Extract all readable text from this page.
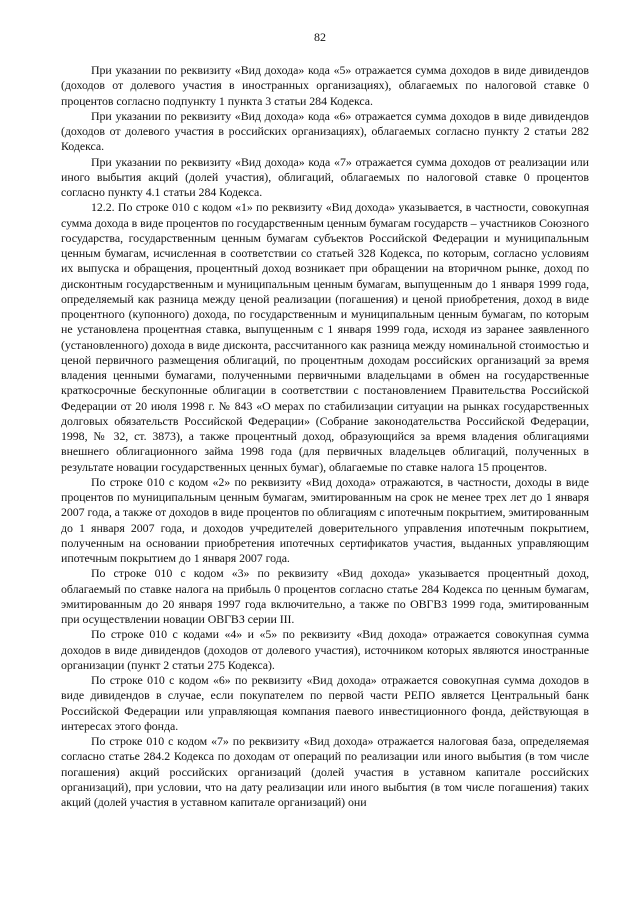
82

При указании по реквизиту «Вид дохода» кода «5» отражается сумма доходов в виде дивидендов (доходов от долевого участия в иностранных организациях), облагаемых по налоговой ставке 0 процентов согласно подпункту 1 пункта 3 статьи 284 Кодекса.

При указании по реквизиту «Вид дохода» кода «6» отражается сумма доходов в виде дивидендов (доходов от долевого участия в российских организациях), облагаемых согласно пункту 2 статьи 282 Кодекса.

При указании по реквизиту «Вид дохода» кода «7» отражается сумма доходов от реализации или иного выбытия акций (долей участия), облигаций, облагаемых по налоговой ставке 0 процентов согласно пункту 4.1 статьи 284 Кодекса.

12.2. По строке 010 с кодом «1» по реквизиту «Вид дохода» указывается, в частности, совокупная сумма дохода в виде процентов по государственным ценным бумагам государств – участников Союзного государства, государственным ценным бумагам субъектов Российской Федерации и муниципальным ценным бумагам, исчисленная в соответствии со статьей 328 Кодекса, по которым, согласно условиям их выпуска и обращения, процентный доход возникает при обращении на вторичном рынке, доход по дисконтным государственным и муниципальным ценным бумагам, выпущенным до 1 января 1999 года, определяемый как разница между ценой реализации (погашения) и ценой приобретения, доход в виде процентного (купонного) дохода, по государственным и муниципальным ценным бумагам, по которым не установлена процентная ставка, выпущенным с 1 января 1999 года, исходя из заранее заявленного (установленного) дохода в виде дисконта, рассчитанного как разница между номинальной стоимостью и ценой первичного размещения облигаций, по процентным доходам российских организаций за время владения ценными бумагами, полученными первичными владельцами в обмен на государственные краткосрочные бескупонные облигации в соответствии с постановлением Правительства Российской Федерации от 20 июля 1998 г. № 843 «О мерах по стабилизации ситуации на рынках государственных долговых обязательств Российской Федерации» (Собрание законодательства Российской Федерации, 1998, № 32, ст. 3873), а также процентный доход, образующийся за время владения облигациями внешнего облигационного займа 1998 года (для первичных владельцев облигаций, полученных в результате новации государственных ценных бумаг), облагаемые по ставке налога 15 процентов.

По строке 010 с кодом «2» по реквизиту «Вид дохода» отражаются, в частности, доходы в виде процентов по муниципальным ценным бумагам, эмитированным на срок не менее трех лет до 1 января 2007 года, а также от доходов в виде процентов по облигациям с ипотечным покрытием, эмитированным до 1 января 2007 года, и доходов учредителей доверительного управления ипотечным покрытием, полученным на основании приобретения ипотечных сертификатов участия, выданных управляющим ипотечным покрытием до 1 января 2007 года.

По строке 010 с кодом «3» по реквизиту «Вид дохода» указывается процентный доход, облагаемый по ставке налога на прибыль 0 процентов согласно статье 284 Кодекса по ценным бумагам, эмитированным до 20 января 1997 года включительно, а также по ОВГВЗ 1999 года, эмитированным при осуществлении новации ОВГВЗ серии III.

По строке 010 с кодами «4» и «5» по реквизиту «Вид дохода» отражается совокупная сумма доходов в виде дивидендов (доходов от долевого участия), источником которых являются иностранные организации (пункт 2 статьи 275 Кодекса).

По строке 010 с кодом «6» по реквизиту «Вид дохода» отражается совокупная сумма доходов в виде дивидендов в случае, если покупателем по первой части РЕПО является Центральный банк Российской Федерации или управляющая компания паевого инвестиционного фонда, действующая в интересах этого фонда.

По строке 010 с кодом «7» по реквизиту «Вид дохода» отражается налоговая база, определяемая согласно статье 284.2 Кодекса по доходам от операций по реализации или иного выбытия (в том числе погашения) акций российских организаций (долей участия в уставном капитале российских организаций), при условии, что на дату реализации или иного выбытия (в том числе погашения) таких акций (долей участия в уставном капитале организаций) они
